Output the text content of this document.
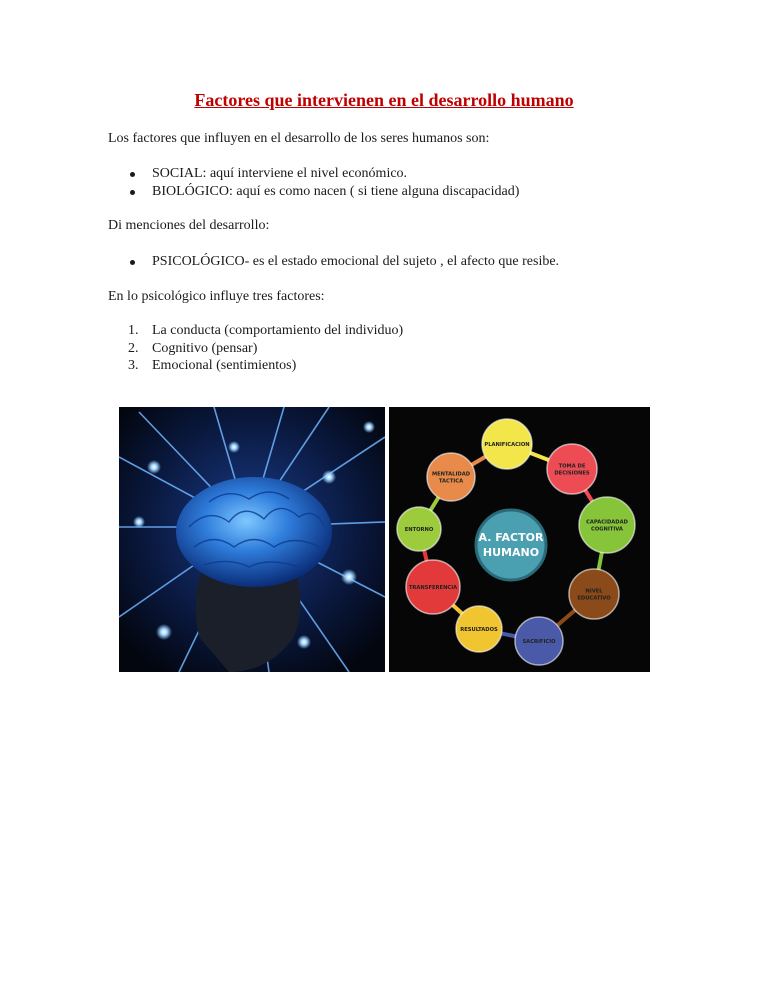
Factores que intervienen en el desarrollo humano

Los factores que influyen en el desarrollo de los seres humanos son:

SOCIAL: aquí interviene el nivel económico.
BIOLÓGICO: aquí es como nacen ( si tiene alguna discapacidad)

Di menciones del desarrollo:

PSICOLÓGICO- es el estado emocional del sujeto , el afecto que resibe.

En lo psicológico influye tres factores:

1. La conducta (comportamiento del individuo)
2. Cognitivo (pensar)
3. Emocional (sentimientos)
A. FACTOR
HUMANO
PLANIFICACION
TOMA DE
DECISIONES
CAPACIDADAD
COGNITIVA
NIVEL
EDUCATIVO
SACRIFICIO
RESULTADOS
TRANSFERENCIA
ENTORNO
MENTALIDAD
TACTICA
